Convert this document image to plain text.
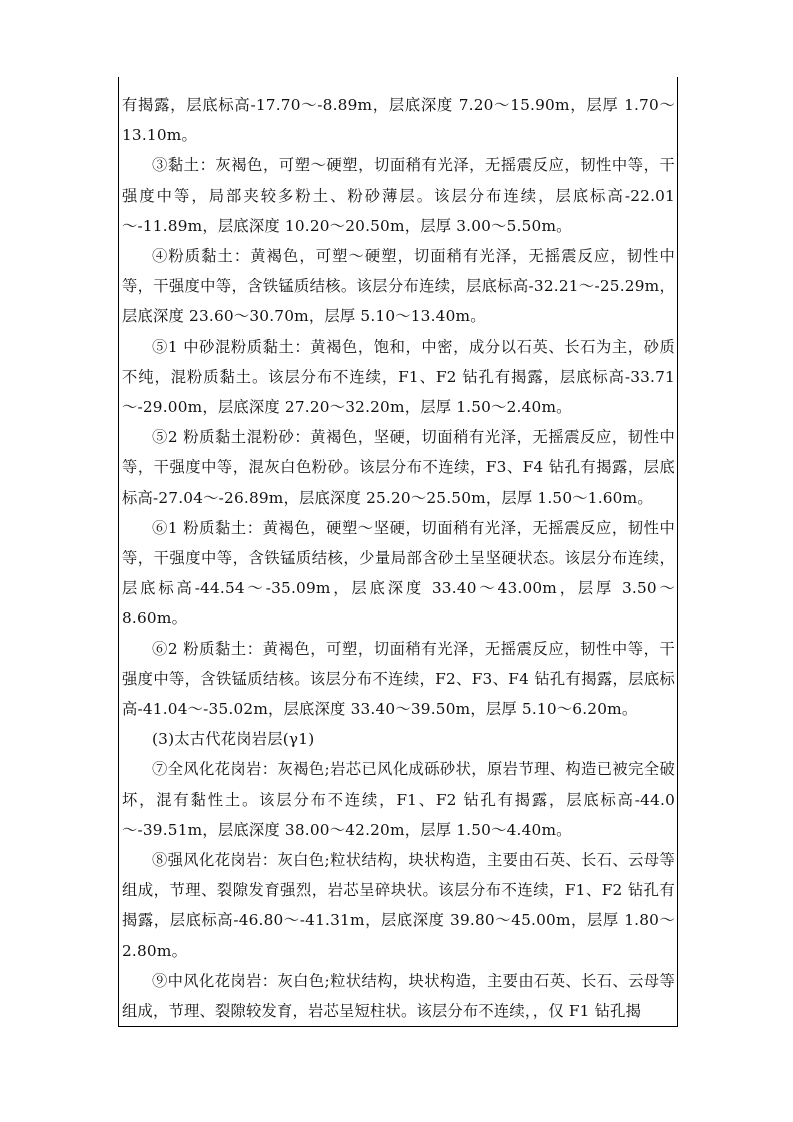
有揭露，层底标高-17.70～-8.89m，层底深度 7.20～15.90m，层厚 1.70～13.10m。

③黏土：灰褐色，可塑～硬塑，切面稍有光泽，无摇震反应，韧性中等，干强度中等，局部夹较多粉土、粉砂薄层。该层分布连续，层底标高-22.01～-11.89m，层底深度 10.20～20.50m，层厚 3.00～5.50m。

④粉质黏土：黄褐色，可塑～硬塑，切面稍有光泽，无摇震反应，韧性中等，干强度中等，含铁锰质结核。该层分布连续，层底标高-32.21～-25.29m，层底深度 23.60～30.70m，层厚 5.10～13.40m。

⑤1 中砂混粉质黏土：黄褐色，饱和，中密，成分以石英、长石为主，砂质不纯，混粉质黏土。该层分布不连续，F1、F2 钻孔有揭露，层底标高-33.71～-29.00m，层底深度 27.20～32.20m，层厚 1.50～2.40m。

⑤2 粉质黏土混粉砂：黄褐色，坚硬，切面稍有光泽，无摇震反应，韧性中等，干强度中等，混灰白色粉砂。该层分布不连续，F3、F4 钻孔有揭露，层底标高-27.04～-26.89m，层底深度 25.20～25.50m，层厚 1.50～1.60m。

⑥1 粉质黏土：黄褐色，硬塑～坚硬，切面稍有光泽，无摇震反应，韧性中等，干强度中等，含铁锰质结核，少量局部含砂土呈坚硬状态。该层分布连续，层底标高-44.54～-35.09m，层底深度 33.40～43.00m，层厚 3.50～8.60m。

⑥2 粉质黏土：黄褐色，可塑，切面稍有光泽，无摇震反应，韧性中等，干强度中等，含铁锰质结核。该层分布不连续，F2、F3、F4 钻孔有揭露，层底标高-41.04～-35.02m，层底深度 33.40～39.50m，层厚 5.10～6.20m。

(3)太古代花岗岩层(γ1)

⑦全风化花岗岩：灰褐色;岩芯已风化成砾砂状，原岩节理、构造已被完全破坏，混有黏性土。该层分布不连续，F1、F2 钻孔有揭露，层底标高-44.0～-39.51m，层底深度 38.00～42.20m，层厚 1.50～4.40m。

⑧强风化花岗岩：灰白色;粒状结构，块状构造，主要由石英、长石、云母等组成，节理、裂隙发育强烈，岩芯呈碎块状。该层分布不连续，F1、F2 钻孔有揭露，层底标高-46.80～-41.31m，层底深度 39.80～45.00m，层厚 1.80～2.80m。

⑨中风化花岗岩：灰白色;粒状结构，块状构造，主要由石英、长石、云母等组成，节理、裂隙较发育，岩芯呈短柱状。该层分布不连续，，仅 F1 钻孔揭
